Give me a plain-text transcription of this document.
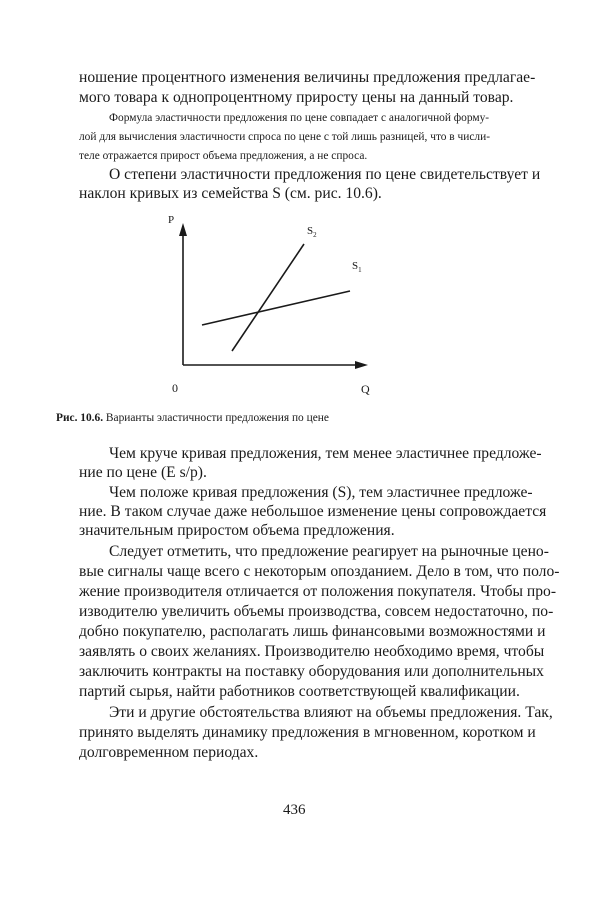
ношение процентного изменения величины предложения предлагае-
мого товара к однопроцентному приросту цены на данный товар.
Формула эластичности предложения по цене совпадает с аналогичной форму-
лой для вычисления эластичности спроса по цене с той лишь разницей, что в числи-
теле отражается прирост объема предложения, а не спроса.
О степени эластичности предложения по цене свидетельствует и
наклон кривых из семейства S (см. рис. 10.6).
P
Q
0
$S_2$
$S_1$
Рис. 10.6. Варианты эластичности предложения по цене
Чем круче кривая предложения, тем менее эластичнее предложе-
ние по цене (E s/p).
Чем положе кривая предложения (S), тем эластичнее предложе-
ние. В таком случае даже небольшое изменение цены сопровождается
значительным приростом объема предложения.
Следует отметить, что предложение реагирует на рыночные цено-
вые сигналы чаще всего с некоторым опозданием. Дело в том, что поло-
жение производителя отличается от положения покупателя. Чтобы про-
изводителю увеличить объемы производства, совсем недостаточно, по-
добно покупателю, располагать лишь финансовыми возможностями и
заявлять о своих желаниях. Производителю необходимо время, чтобы
заключить контракты на поставку оборудования или дополнительных
партий сырья, найти работников соответствующей квалификации.
Эти и другие обстоятельства влияют на объемы предложения. Так,
принято выделять динамику предложения в мгновенном, коротком и
долговременном периодах.
436
